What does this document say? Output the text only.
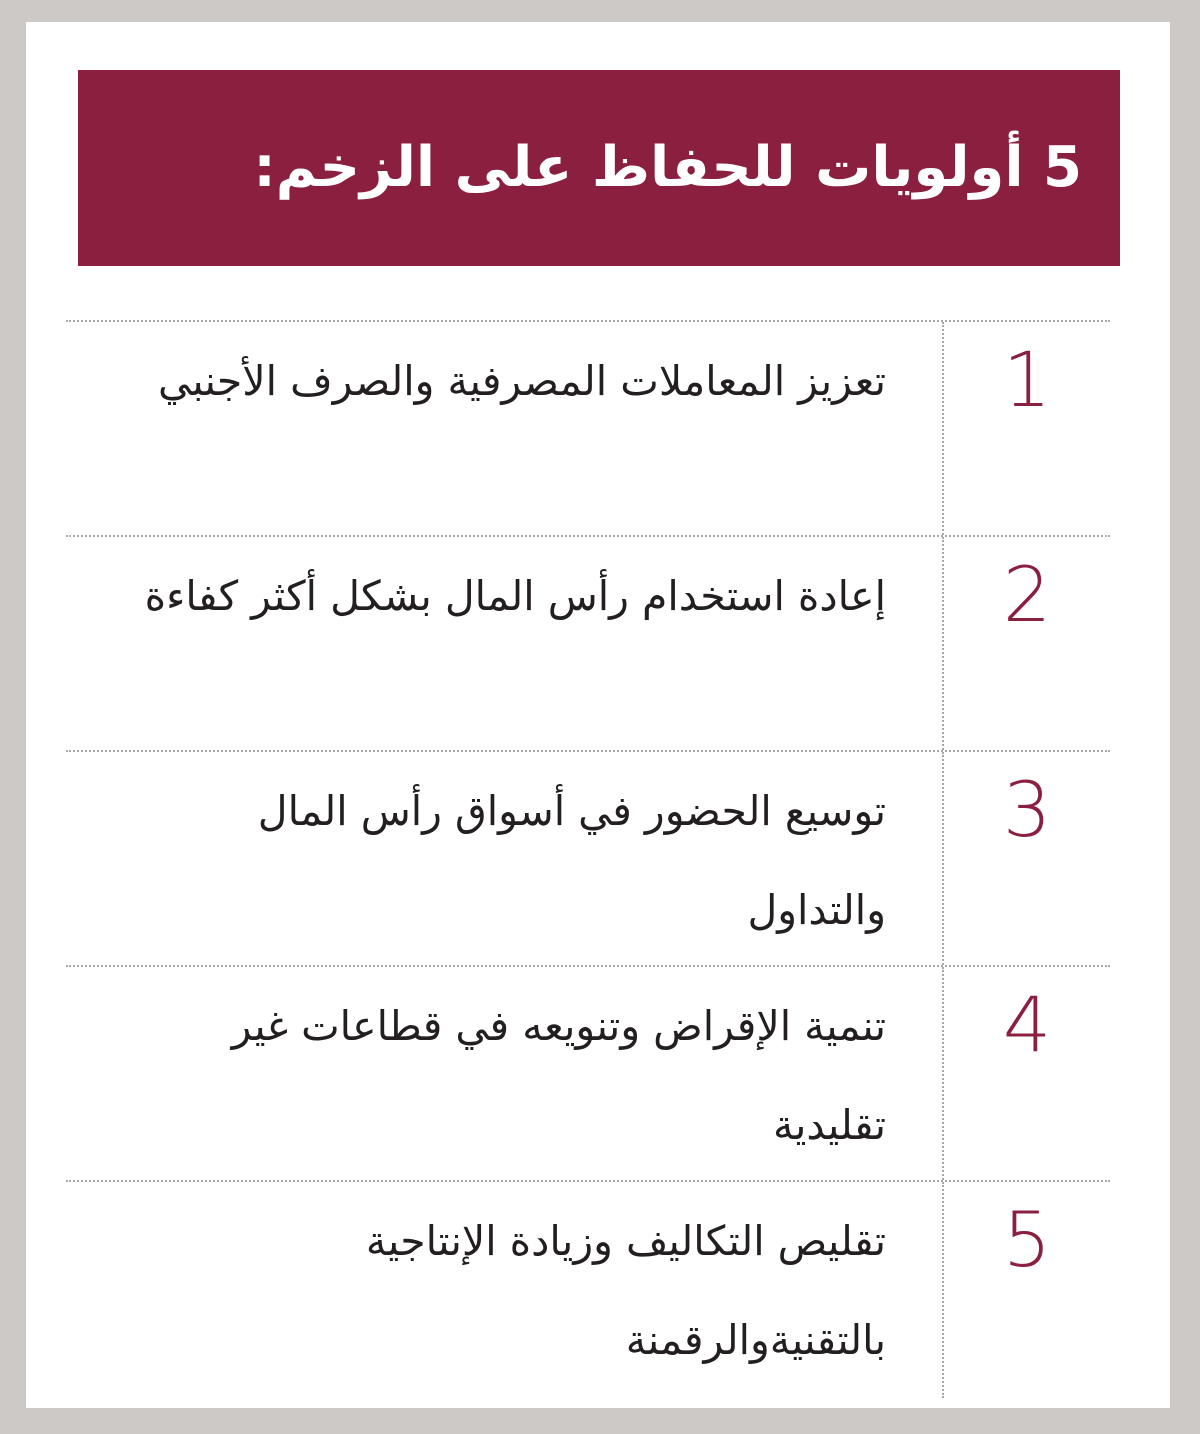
5 أولويات للحفاظ على الزخم:
تعزيز المعاملات المصرفية والصرف الأجنبي 1
إعادة استخدام رأس المال بشكل أكثر كفاءة 2
توسيع الحضور في أسواق رأس المال والتداول
3
تنمية الإقراض وتنويعه في قطاعات غير تقليدية
4
تقليص التكاليف وزيادة الإنتاجية بالتقنيةوالرقمنة
5
